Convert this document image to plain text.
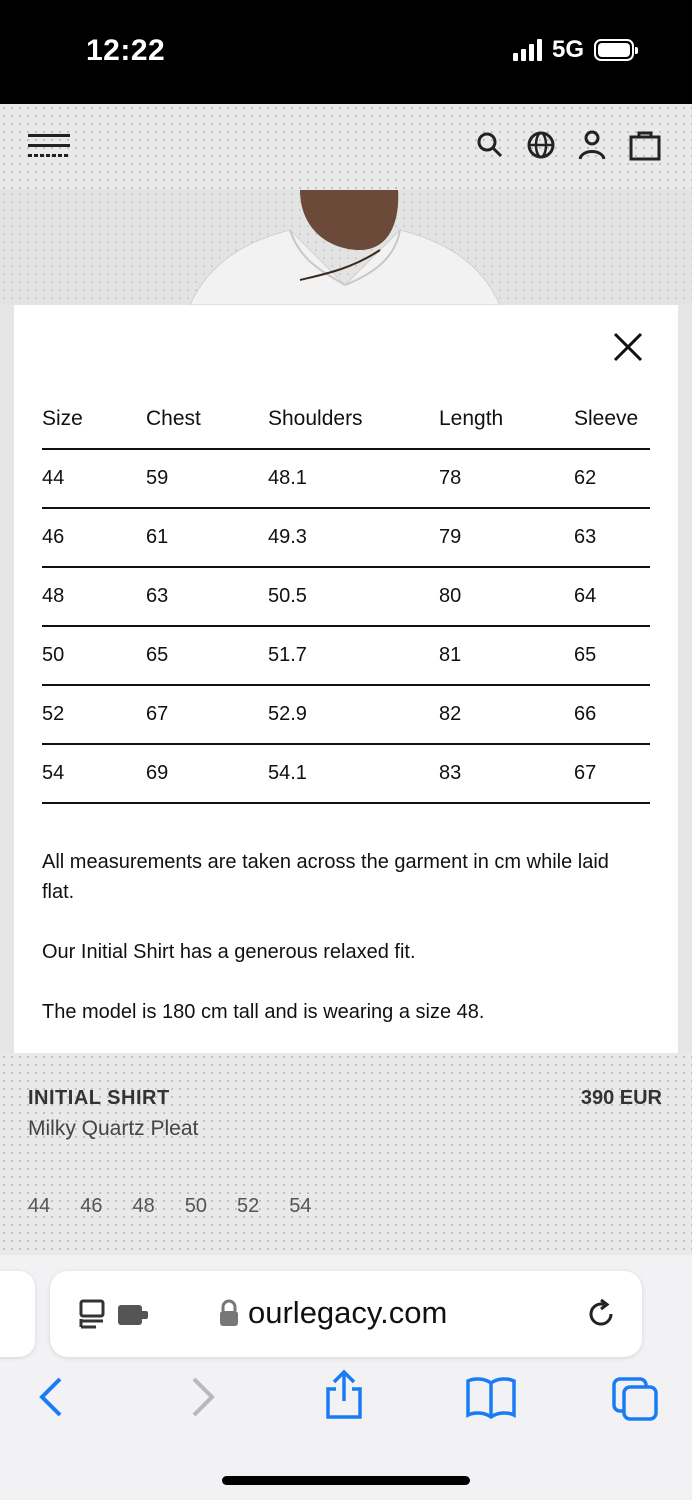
12:22	5G
Size	Chest	Shoulders	Length	Sleeve
44	59	48.1	78	62
46	61	49.3	79	63
48	63	50.5	80	64
50	65	51.7	81	65
52	67	52.9	82	66
54	69	54.1	83	67

All measurements are taken across the garment in cm while laid flat.

Our Initial Shirt has a generous relaxed fit.

The model is 180 cm tall and is wearing a size 48.

INITIAL SHIRT
Milky Quartz Pleat
390 EUR
44 46 48 50 52 54
ourlegacy.com
